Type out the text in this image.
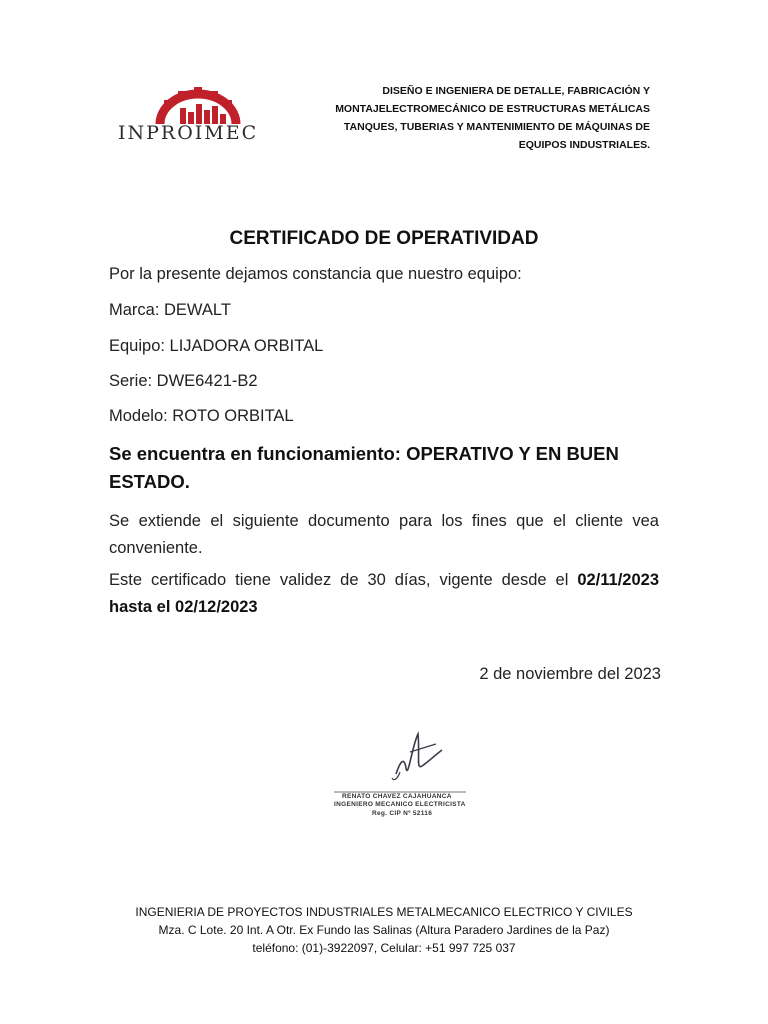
INPROIMEC
DISEÑO E INGENIERA DE DETALLE, FABRICACIÓN Y
MONTAJELECTROMECÁNICO DE ESTRUCTURAS METÁLICAS
TANQUES, TUBERIAS Y MANTENIMIENTO DE MÁQUINAS DE
EQUIPOS INDUSTRIALES.
CERTIFICADO DE OPERATIVIDAD
Por la presente dejamos constancia que nuestro equipo:
Marca: DEWALT
Equipo: LIJADORA ORBITAL
Serie: DWE6421-B2
Modelo: ROTO ORBITAL
Se encuentra en funcionamiento: OPERATIVO Y EN BUEN ESTADO.
Se extiende el siguiente documento para los fines que el cliente vea conveniente.
Este certificado tiene validez de 30 días, vigente desde el 02/11/2023 hasta el 02/12/2023
2 de noviembre del 2023
RENATO CHAVEZ CAJAHUANCA
INGENIERO MECANICO ELECTRICISTA
Reg. CIP Nº 52116
INGENIERIA DE PROYECTOS INDUSTRIALES METALMECANICO ELECTRICO Y CIVILES
Mza. C Lote. 20 Int. A Otr. Ex Fundo las Salinas (Altura Paradero Jardines de la Paz)
teléfono: (01)-3922097, Celular: +51 997 725 037
